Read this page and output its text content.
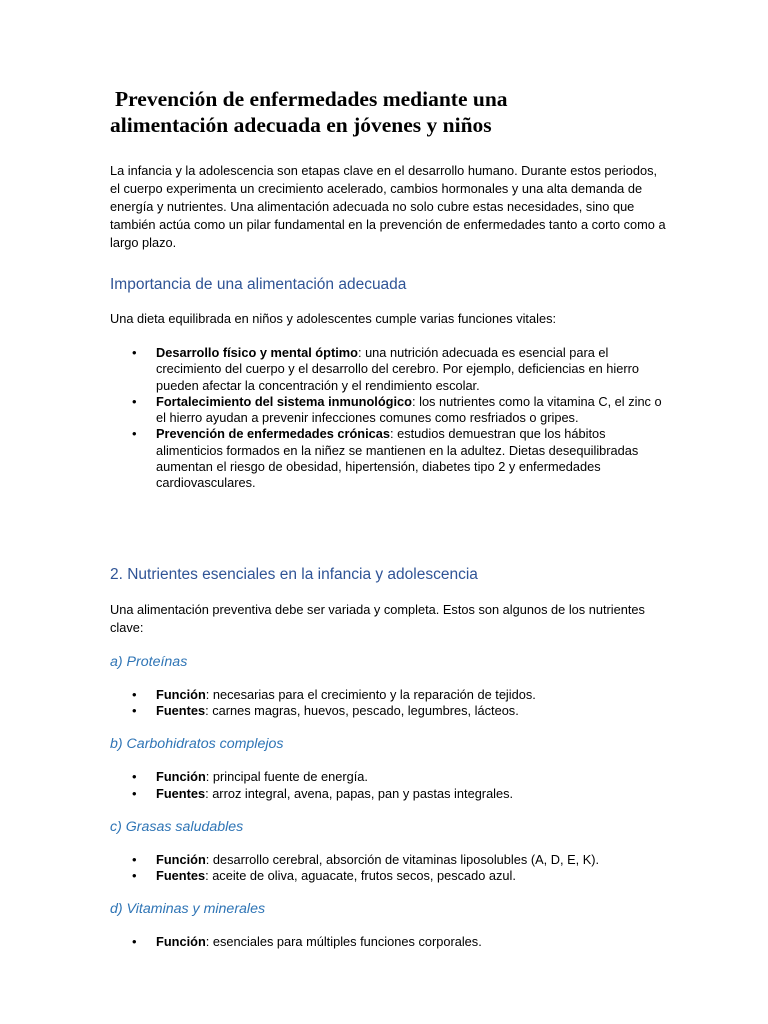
Prevención de enfermedades mediante una
alimentación adecuada en jóvenes y niños

La infancia y la adolescencia son etapas clave en el desarrollo humano. Durante estos periodos, el cuerpo experimenta un crecimiento acelerado, cambios hormonales y una alta demanda de energía y nutrientes. Una alimentación adecuada no solo cubre estas necesidades, sino que también actúa como un pilar fundamental en la prevención de enfermedades tanto a corto como a largo plazo.

Importancia de una alimentación adecuada

Una dieta equilibrada en niños y adolescentes cumple varias funciones vitales:

• Desarrollo físico y mental óptimo: una nutrición adecuada es esencial para el crecimiento del cuerpo y el desarrollo del cerebro. Por ejemplo, deficiencias en hierro pueden afectar la concentración y el rendimiento escolar.
• Fortalecimiento del sistema inmunológico: los nutrientes como la vitamina C, el zinc o el hierro ayudan a prevenir infecciones comunes como resfriados o gripes.
• Prevención de enfermedades crónicas: estudios demuestran que los hábitos alimenticios formados en la niñez se mantienen en la adultez. Dietas desequilibradas aumentan el riesgo de obesidad, hipertensión, diabetes tipo 2 y enfermedades cardiovasculares.
2. Nutrientes esenciales en la infancia y adolescencia

Una alimentación preventiva debe ser variada y completa. Estos son algunos de los nutrientes clave:

a) Proteínas
• Función: necesarias para el crecimiento y la reparación de tejidos.
• Fuentes: carnes magras, huevos, pescado, legumbres, lácteos.
b) Carbohidratos complejos
• Función: principal fuente de energía.
• Fuentes: arroz integral, avena, papas, pan y pastas integrales.
c) Grasas saludables
• Función: desarrollo cerebral, absorción de vitaminas liposolubles (A, D, E, K).
• Fuentes: aceite de oliva, aguacate, frutos secos, pescado azul.
d) Vitaminas y minerales
• Función: esenciales para múltiples funciones corporales.
